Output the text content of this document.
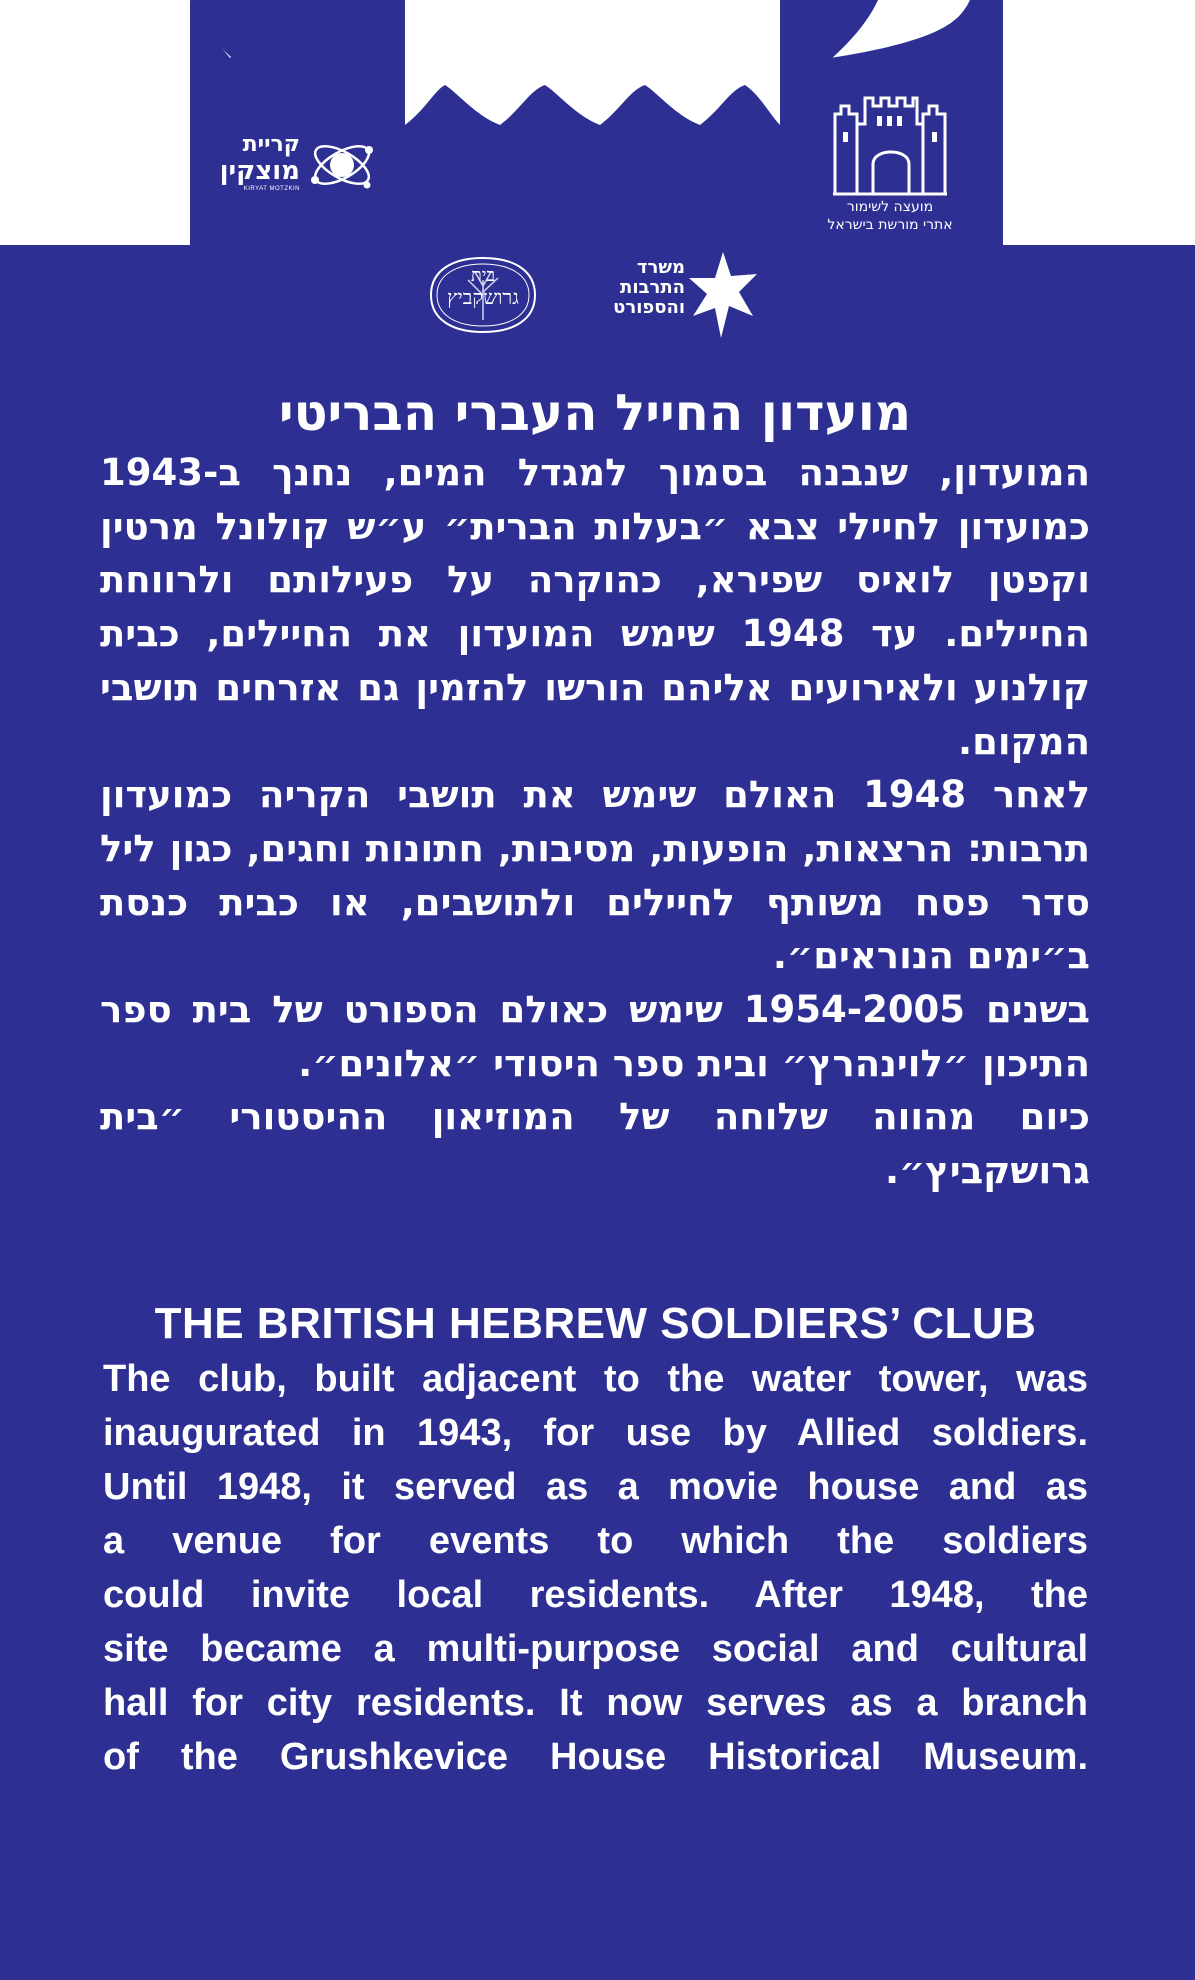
קריית
מוצקין
KIRYAT MOTZKIN
מועצה לשימור
אתרי מורשת בישראל
בית
גרושקביץ
משרד
התרבות
והספורט
מועדון החייל העברי הבריטי

המועדון, שנבנה בסמוך למגדל המים, נחנך ב-1943 כמועדון לחיילי צבא ״בעלות הברית״ ע״ש קולונל מרטין וקפטן לואיס שפירא, כהוקרה על פעילותם ולרווחת החיילים. עד 1948 שימש המועדון את החיילים, כבית קולנוע ולאירועים אליהם הורשו להזמין גם אזרחים תושבי המקום.

לאחר 1948 האולם שימש את תושבי הקריה כמועדון תרבות: הרצאות, הופעות, מסיבות, חתונות וחגים, כגון ליל סדר פסח משותף לחיילים ולתושבים, או כבית כנסת ב״ימים הנוראים״.

בשנים 1954-2005 שימש כאולם הספורט של בית ספר התיכון ״לוינהרץ״ ובית ספר היסודי ״אלונים״.

כיום מהווה שלוחה של המוזיאון ההיסטורי ״בית גרושקביץ״.

THE BRITISH HEBREW SOLDIERS’ CLUB
The club, built adjacent to the water tower, was
inaugurated in 1943, for use by Allied soldiers.
Until 1948, it served as a movie house and as
a venue for events to which the soldiers
could invite local residents. After 1948, the
site became a multi-purpose social and cultural
hall for city residents. It now serves as a branch
of the Grushkevice House Historical Museum.
